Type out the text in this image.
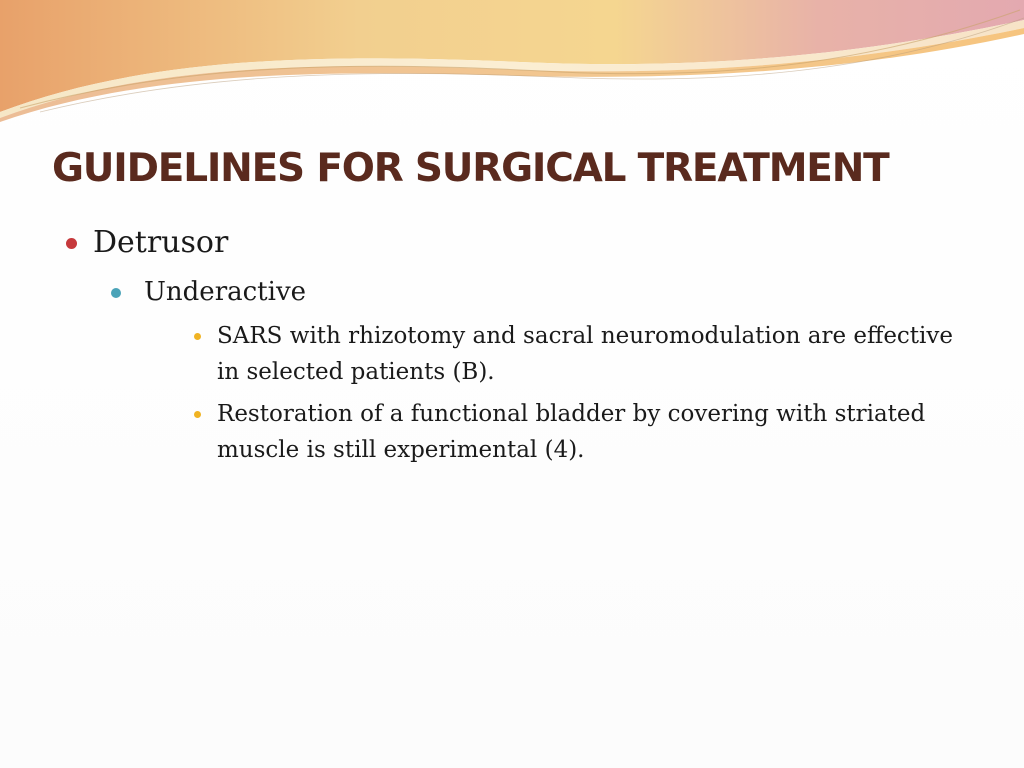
GUIDELINES FOR SURGICAL TREATMENT
Detrusor
Underactive
SARS with rhizotomy and sacral neuromodulation are effective in selected patients (B).
Restoration of a functional bladder by covering with striated muscle is still experimental (4).
